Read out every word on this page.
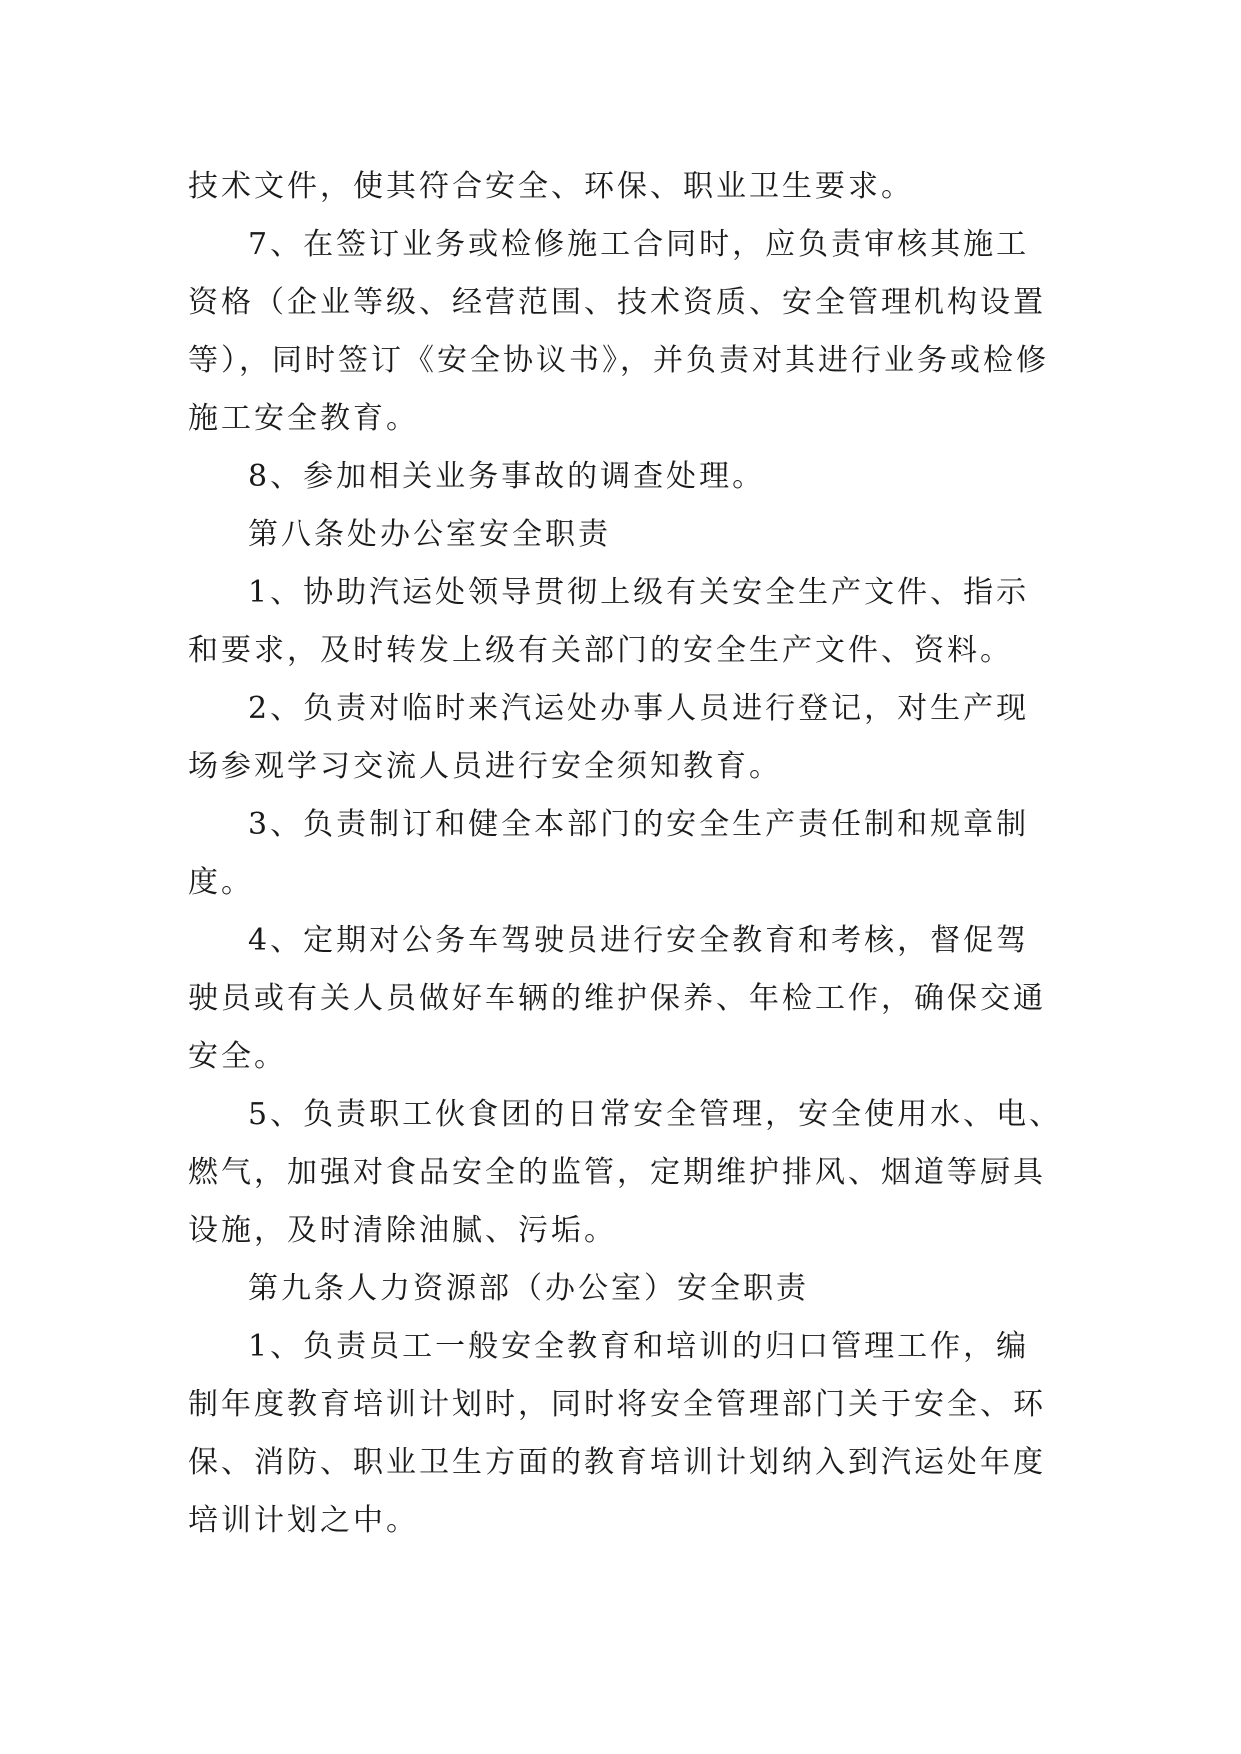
技术文件，使其符合安全、环保、职业卫生要求。
7、在签订业务或检修施工合同时，应负责审核其施工
资格（企业等级、经营范围、技术资质、安全管理机构设置
等），同时签订《安全协议书》，并负责对其进行业务或检修
施工安全教育。
8、参加相关业务事故的调查处理。
第八条处办公室安全职责
1、协助汽运处领导贯彻上级有关安全生产文件、指示
和要求，及时转发上级有关部门的安全生产文件、资料。
2、负责对临时来汽运处办事人员进行登记，对生产现
场参观学习交流人员进行安全须知教育。
3、负责制订和健全本部门的安全生产责任制和规章制
度。
4、定期对公务车驾驶员进行安全教育和考核，督促驾
驶员或有关人员做好车辆的维护保养、年检工作，确保交通
安全。
5、负责职工伙食团的日常安全管理，安全使用水、电、
燃气，加强对食品安全的监管，定期维护排风、烟道等厨具
设施，及时清除油腻、污垢。
第九条人力资源部（办公室）安全职责
1、负责员工一般安全教育和培训的归口管理工作，编
制年度教育培训计划时，同时将安全管理部门关于安全、环
保、消防、职业卫生方面的教育培训计划纳入到汽运处年度
培训计划之中。
